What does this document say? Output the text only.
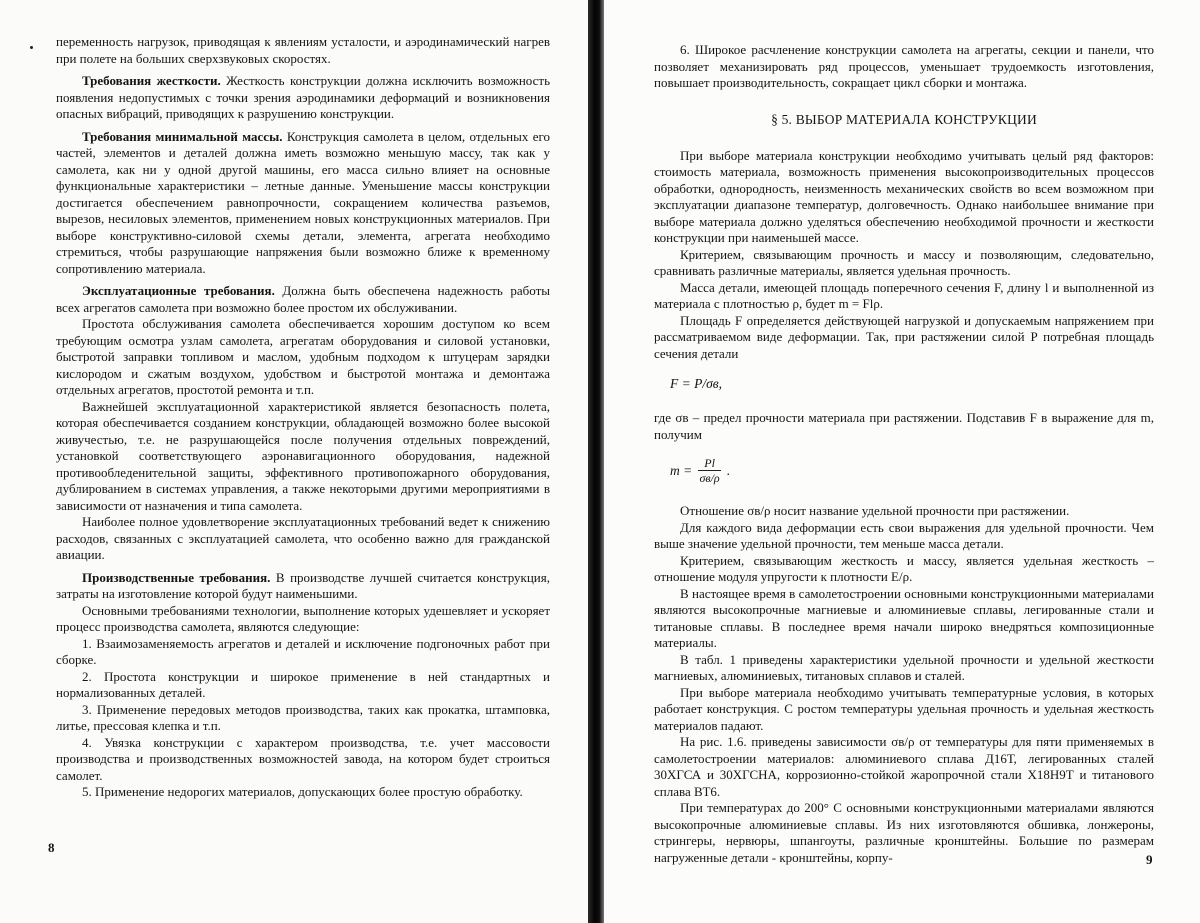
переменность нагрузок, приводящая к явлениям усталости, и аэродинамический нагрев при полете на больших сверхзвуковых скоростях.

Требования жесткости. Жесткость конструкции должна исключить возможность появления недопустимых с точки зрения аэродинамики деформаций и возникновения опасных вибраций, приводящих к разрушению конструкции.

Требования минимальной массы. Конструкция самолета в целом, отдельных его частей, элементов и деталей должна иметь возможно меньшую массу, так как у самолета, как ни у одной другой машины, его масса сильно влияет на основные функциональные характеристики – летные данные. Уменьшение массы конструкции достигается обеспечением равнопрочности, сокращением количества разъемов, вырезов, несиловых элементов, применением новых конструкционных материалов. При выборе конструктивно-силовой схемы детали, элемента, агрегата необходимо стремиться, чтобы разрушающие напряжения были возможно ближе к временному сопротивлению материала.

Эксплуатационные требования. Должна быть обеспечена надежность работы всех агрегатов самолета при возможно более простом их обслуживании.

Простота обслуживания самолета обеспечивается хорошим доступом ко всем требующим осмотра узлам самолета, агрегатам оборудования и силовой установки, быстротой заправки топливом и маслом, удобным подходом к штуцерам зарядки кислородом и сжатым воздухом, удобством и быстротой монтажа и демонтажа отдельных агрегатов, простотой ремонта и т.п.

Важнейшей эксплуатационной характеристикой является безопасность полета, которая обеспечивается созданием конструкции, обладающей возможно более высокой живучестью, т.е. не разрушающейся после получения отдельных повреждений, установкой соответствующего аэронавигационного оборудования, надежной противообледенительной защиты, эффективного противопожарного оборудования, дублированием в системах управления, а также некоторыми другими мероприятиями в зависимости от назначения и типа самолета.

Наиболее полное удовлетворение эксплуатационных требований ведет к снижению расходов, связанных с эксплуатацией самолета, что особенно важно для гражданской авиации.

Производственные требования. В производстве лучшей считается конструкция, затраты на изготовление которой будут наименьшими.

Основными требованиями технологии, выполнение которых удешевляет и ускоряет процесс производства самолета, являются следующие:

1. Взаимозаменяемость агрегатов и деталей и исключение подгоночных работ при сборке.

2. Простота конструкции и широкое применение в ней стандартных и нормализованных деталей.

3. Применение передовых методов производства, таких как прокатка, штамповка, литье, прессовая клепка и т.п.

4. Увязка конструкции с характером производства, т.е. учет массовости производства и производственных возможностей завода, на котором будет строиться самолет.

5. Применение недорогих материалов, допускающих более простую обработку.

8

6. Широкое расчленение конструкции самолета на агрегаты, секции и панели, что позволяет механизировать ряд процессов, уменьшает трудоемкость изготовления, повышает производительность, сокращает цикл сборки и монтажа.

§ 5. ВЫБОР МАТЕРИАЛА КОНСТРУКЦИИ

При выборе материала конструкции необходимо учитывать целый ряд факторов: стоимость материала, возможность применения высокопроизводительных процессов обработки, однородность, неизменность механических свойств во всем возможном при эксплуатации диапазоне температур, долговечность. Однако наибольшее внимание при выборе материала должно уделяться обеспечению необходимой прочности и жесткости конструкции при наименьшей массе.

Критерием, связывающим прочность и массу и позволяющим, следовательно, сравнивать различные материалы, является удельная прочность.

Масса детали, имеющей площадь поперечного сечения F, длину l и выполненной из материала с плотностью ρ, будет m = Flρ.

Площадь F определяется действующей нагрузкой и допускаемым напряжением при рассматриваемом виде деформации. Так, при растяжении силой P потребная площадь сечения детали

F = P/σв,

где σв – предел прочности материала при растяжении. Подставив F в выражение для m, получим

$m = \frac{Pl}{\sigma в/\rho}$ .

Отношение σв/ρ носит название удельной прочности при растяжении.

Для каждого вида деформации есть свои выражения для удельной прочности. Чем выше значение удельной прочности, тем меньше масса детали.

Критерием, связывающим жесткость и массу, является удельная жесткость – отношение модуля упругости к плотности E/ρ.

В настоящее время в самолетостроении основными конструкционными материалами являются высокопрочные магниевые и алюминиевые сплавы, легированные стали и титановые сплавы. В последнее время начали широко внедряться композиционные материалы.

В табл. 1 приведены характеристики удельной прочности и удельной жесткости магниевых, алюминиевых, титановых сплавов и сталей.

При выборе материала необходимо учитывать температурные условия, в которых работает конструкция. С ростом температуры удельная прочность и удельная жесткость материалов падают.

На рис. 1.6. приведены зависимости σв/ρ от температуры для пяти применяемых в самолетостроении материалов: алюминиевого сплава Д16Т, легированных сталей 30ХГСА и 30ХГСНА, коррозионно-стойкой жаропрочной стали Х18Н9Т и титанового сплава ВТ6.

При температурах до 200° С основными конструкционными материалами являются высокопрочные алюминиевые сплавы. Из них изготовляются обшивка, лонжероны, стрингеры, нервюры, шпангоуты, различные кронштейны. Большие по размерам нагруженные детали - кронштейны, корпу-	9
